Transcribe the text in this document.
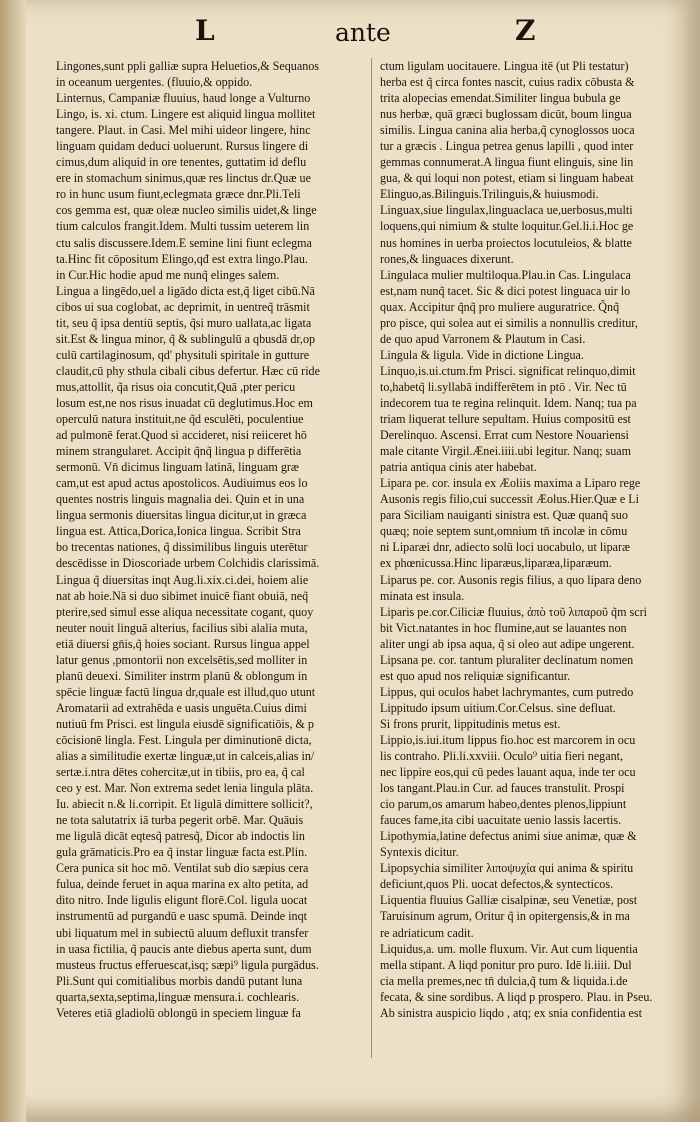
L	ante	Z
Lingones,sunt ppli galliæ supra Heluetios,& Sequanos
in oceanum uergentes. (fluuio,& oppido.
Linternus, Campaniæ fluuius, haud longe a Vulturno
Lingo, is. xi. ctum. Lingere est aliquid lingua mollitet
tangere. Plaut. in Casi. Mel mihi uideor lingere, hinc
linguam quidam deduci uoluerunt. Rursus lingere di
cimus,dum aliquid in ore tenentes, guttatim id deflu
ere in stomachum sinimus,quæ res linctus dr.Quæ ue
ro in hunc usum fiunt,eclegmata græce dnr.Pli.Teli
cos gemma est, quæ oleæ nucleo similis uidet,& linge
tium calculos frangit.Idem. Multi tussim ueterem lin
ctu salis discussere.Idem.E semine lini fiunt eclegma
ta.Hinc fit cōpositum Elingo,qđ est extra lingo.Plau.
in Cur.Hic hodie apud me nunq̃ elinges salem.
Lingua a lingēdo,uel a ligādo dicta est,q̃ liget cibū.Nā
cibos ui sua coglobat, ac deprimit, in uentreq̃ trāsmit
tit, seu q̃ ipsa dentiū septis, q̃si muro uallata,ac ligata
sit.Est & lingua minor, q̃ & sublingulū a qbusdā dr,op
culū cartilaginosum, qd' physituli spiritale in gutture
claudit,cū phy sthula cibali cibus defertur. Hæc cū ride
mus,attollit, q̃a risus oia concutit,Quā ,pter pericu
losum est,ne nos risus inuadat cū deglutimus.Hoc em
operculū natura instituit,ne q̃d esculēti, poculentiue
ad pulmonē ferat.Quod si accideret, nisi reiiceret hō
minem strangularet. Accipit q̃nq̃ lingua p differētia
sermonū. Vn̄ dicimus linguam latinā, linguam græ
cam,ut est apud actus apostolicos. Audiuimus eos lo
quentes nostris linguis magnalia dei. Quin et in una
lingua sermonis diuersitas lingua dicitur,ut in græca
lingua est. Attica,Dorica,Ionica lingua. Scribit Stra
bo trecentas nationes, q̃ dissimilibus linguis uterētur
descēdisse in Dioscoriade urbem Colchidis clarissimā.
Lingua q̃ diuersitas inqt Aug.li.xix.ci.dei, hoiem alie
nat ab hoie.Nā si duo sibimet inuicē fiant obuiā, neq̃
pterire,sed simul esse aliqua necessitate cogant, quoy
neuter nouit linguā alterius, facilius sibi alalia muta,
etiā diuersi gn̄is,q̃ hoies sociant. Rursus lingua appel
latur genus ,pmontorii non excelsētis,sed molliter in
planū deuexi. Similiter instrm planū & oblongum in
spēcie linguæ factū lingua dr,quale est illud,quo utunt
Aromatarii ad extrahēda e uasis unguēta.Cuius dimi
nutiuū fm Prisci. est lingula eiusdē significatiōis, & p
cōcisionē lingla. Fest. Lingula per diminutionē dicta,
alias a similitudie exertæ linguæ,ut in calceis,alias in/
sertæ.i.ntra dētes cohercitæ,ut in tibiis, pro ea, q̃ cal
ceo y est. Mar. Non extrema sedet lenia lingula plāta.
Iu. abiecit n.& li.corripit. Et ligulā dimittere sollicit?,
ne tota salutatrix iā turba pegerit orbē. Mar. Quāuis
me ligulā dicāt eqtesq̃ patresq̃, Dicor ab indoctis lin
gula grāmaticis.Pro ea q̃ instar linguæ facta est.Plin.
Cera punica sit hoc mō. Ventilat sub dio sæpius cera
fulua, deinde feruet in aqua marina ex alto petita, ad
dito nitro. Inde ligulis eligunt florē.Col. ligula uocat
instrumentū ad purgandū e uasc spumā. Deinde inqt
ubi liquatum mel in subiectū aluum defluxit transfer
in uasa fictilia, q̃ paucis ante diebus aperta sunt, dum
musteus fructus efferuescat,isq; sæpi⁹ ligula purgādus.
Pli.Sunt qui comitialibus morbis dandū putant luna
quarta,sexta,septima,linguæ mensura.i. cochlearis.
Veteres etiā gladiolū oblongū in speciem linguæ fa
ctum ligulam uocitauere. Lingua itē (ut Pli testatur)
herba est q̃ circa fontes nascit, cuius radix cōbusta &
trita alopecias emendat.Similiter lingua bubula ge
nus herbæ, quā græci buglossam dicūt, boum lingua
similis. Lingua canina alia herba,q̃ cynoglossos uoca
tur a græcis . Lingua petrea genus lapilli , quod inter
gemmas connumerat.A lingua fiunt elinguis, sine lin
gua, & qui loqui non potest, etiam si linguam habeat
Elinguo,as.Bilinguis.Trilinguis,& huiusmodi.
Linguax,siue lingulax,linguaclaca ue,uerbosus,multi
loquens,qui nimium & stulte loquitur.Gel.li.i.Hoc ge
nus homines in uerba proiectos locutuleios, & blatte
rones,& linguaces dixerunt.
Lingulaca mulier multiloqua.Plau.in Cas. Lingulaca
est,nam nunq̃ tacet. Sic & dici potest linguaca uir lo
quax. Accipitur q̃nq̃ pro muliere auguratrice. Q̃nq̃
pro pisce, qui solea aut ei similis a nonnullis creditur,
de quo apud Varronem & Plautum in Casi.
Lingula & ligula. Vide in dictione Lingua.
Linquo,is.ui.ctum.fm Prisci. significat relinquo,dimit
to,habetq̃ li.syllabā indifferētem in ptō . Vir. Nec tū
indecorem tua te regina relinquit. Idem. Nanq; tua pa
triam liquerat tellure sepultam. Huius compositū est
Derelinquo. Ascensi. Errat cum Nestore Nouariensi
male citante Virgil.Ænei.iiii.ubi legitur. Nanq; suam
patria antiqua cinis ater habebat.
Lipara pe. cor. insula ex Æoliis maxima a Liparo rege
Ausonis regis filio,cui successit Æolus.Hier.Quæ e Li
para Siciliam nauiganti sinistra est. Quæ quanq̃ suo
quæq; noie septem sunt,omnium tn̄ incolæ in cōmu
ni Liparæi dnr, adiecto solū loci uocabulo, ut liparæ
ex phœnicussa.Hinc liparæus,liparæa,liparæum.
Liparus pe. cor. Ausonis regis filius, a quo lipara deno
minata est insula.
Liparis pe.cor.Ciliciæ fluuius, ἀπὸ τοῦ λιπαροῦ q̃m scri
bit Vict.natantes in hoc flumine,aut se lauantes non
aliter ungi ab ipsa aqua, q̃ si oleo aut adipe ungerent.
Lipsana pe. cor. tantum pluraliter declinatum nomen
est quo apud nos reliquiæ significantur.
Lippus, qui oculos habet lachrymantes, cum putredo
Lippitudo ipsum uitium.Cor.Celsus. sine defluat.
Si frons prurit, lippitudinis metus est.
Lippio,is.iui.itum lippus fio.hoc est marcorem in ocu
lis contraho. Pli.li.xxviii. Oculo⁹ uitia fieri negant,
nec lippire eos,qui cū pedes lauant aqua, inde ter ocu
los tangant.Plau.in Cur. ad fauces transtulit. Prospi
cio parum,os amarum habeo,dentes plenos,lippiunt
fauces fame,ita cibi uacuitate uenio lassis lacertis.
Lipothymia,latine defectus animi siue animæ, quæ &
Syntexis dicitur.
Lipopsychia similiter λιποψυχία qui anima & spiritu
deficiunt,quos Pli. uocat defectos,& syntecticos.
Liquentia fluuius Galliæ cisalpinæ, seu Venetiæ, post
Taruisinum agrum, Oritur q̃ in opitergensis,& in ma
re adriaticum cadit.
Liquidus,a. um. molle fluxum. Vir. Aut cum liquentia
mella stipant. A liqd ponitur pro puro. Idē li.iiii. Dul
cia mella premes,nec tn̄ dulcia,q̃ tum & liquida.i.de
fecata, & sine sordibus. A liqd p prospero. Plau. in Pseu.
Ab sinistra auspicio liqdo , atq; ex snia confidentia est
